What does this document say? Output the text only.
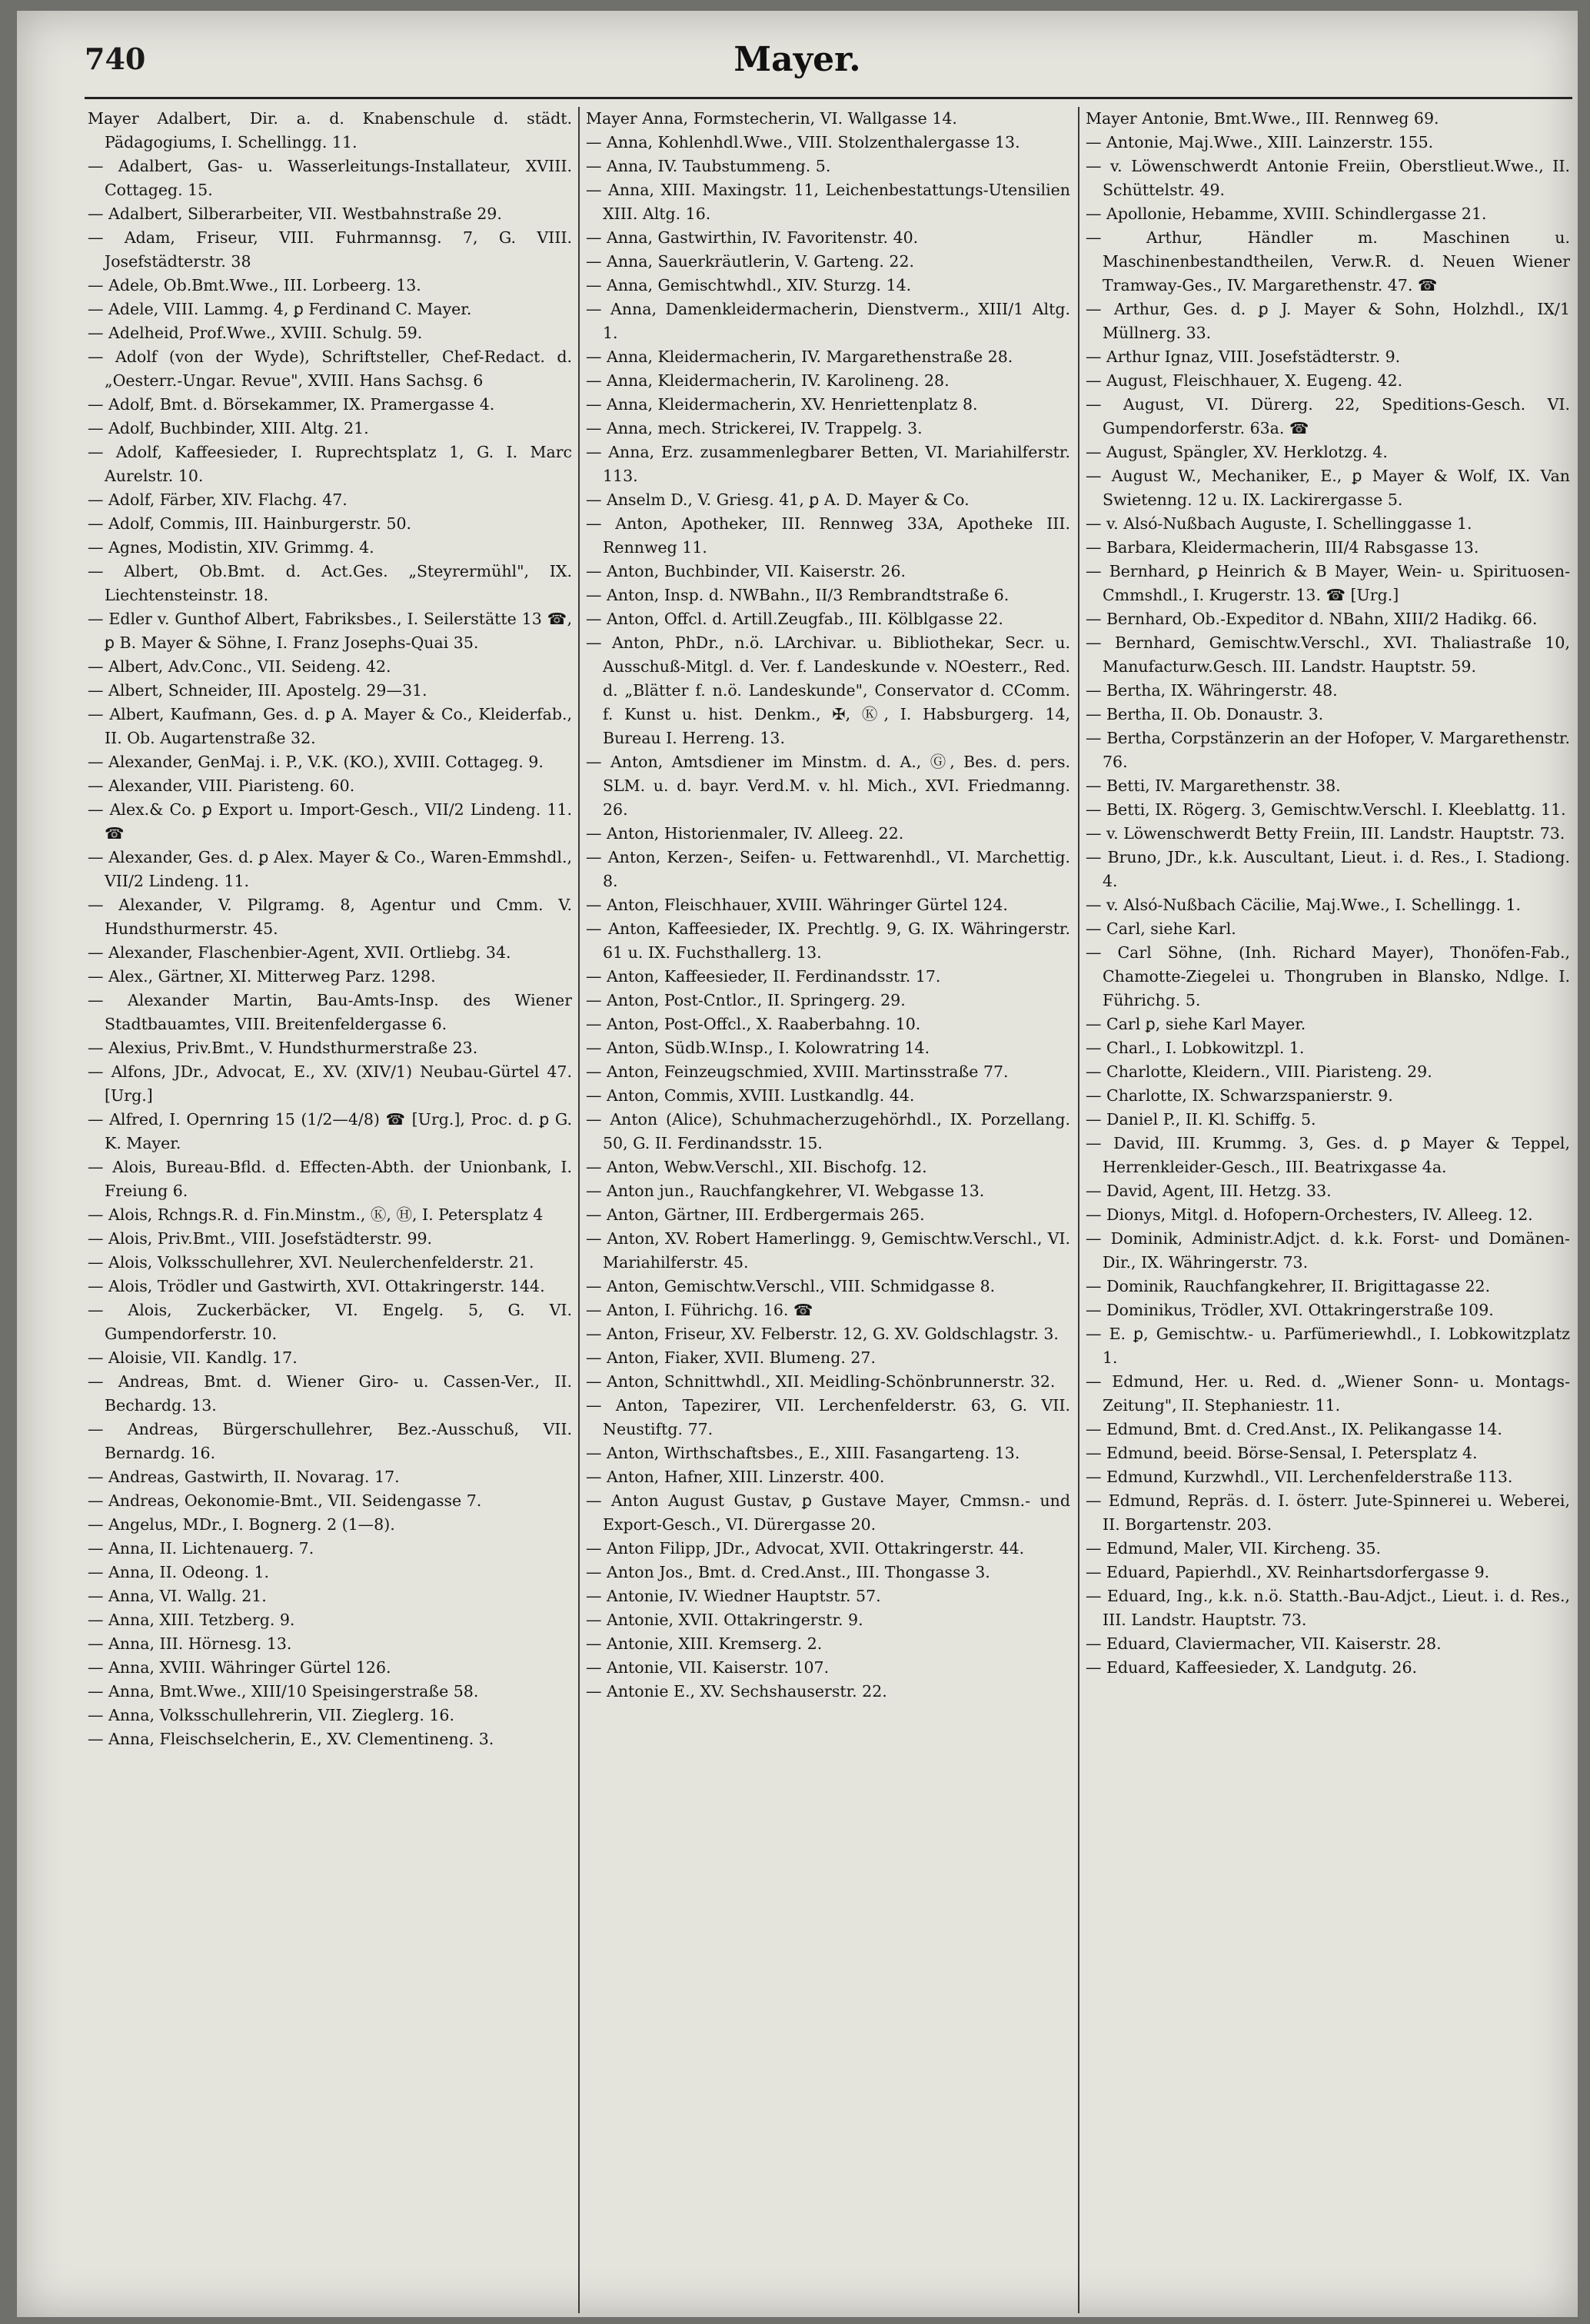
740	Mayer.

Mayer Adalbert, Dir. a. d. Knabenschule d. städt. Pädagogiums, I. Schellingg. 11.

— Adalbert, Gas- u. Wasserleitungs-Installateur, XVIII. Cottageg. 15.

— Adalbert, Silberarbeiter, VII. Westbahnstraße 29.

— Adam, Friseur, VIII. Fuhrmannsg. 7, G. VIII. Josefstädterstr. 38

— Adele, Ob.Bmt.Wwe., III. Lorbeerg. 13.

— Adele, VIII. Lammg. 4, ꝑ Ferdinand C. Mayer.

— Adelheid, Prof.Wwe., XVIII. Schulg. 59.

— Adolf (von der Wyde), Schriftsteller, Chef-Redact. d. „Oesterr.-Ungar. Revue", XVIII. Hans Sachsg. 6

— Adolf, Bmt. d. Börsekammer, IX. Pramergasse 4.

— Adolf, Buchbinder, XIII. Altg. 21.

— Adolf, Kaffeesieder, I. Ruprechtsplatz 1, G. I. Marc Aurelstr. 10.

— Adolf, Färber, XIV. Flachg. 47.

— Adolf, Commis, III. Hainburgerstr. 50.

— Agnes, Modistin, XIV. Grimmg. 4.

— Albert, Ob.Bmt. d. Act.Ges. „Steyrermühl", IX. Liechtensteinstr. 18.

— Edler v. Gunthof Albert, Fabriksbes., I. Seilerstätte 13 ☎, ꝑ B. Mayer & Söhne, I. Franz Josephs-Quai 35.

— Albert, Adv.Conc., VII. Seideng. 42.

— Albert, Schneider, III. Apostelg. 29—31.

— Albert, Kaufmann, Ges. d. ꝑ A. Mayer & Co., Kleiderfab., II. Ob. Augartenstraße 32.

— Alexander, GenMaj. i. P., V.K. (KO.), XVIII. Cottageg. 9.

— Alexander, VIII. Piaristeng. 60.

— Alex.& Co. ꝑ Export u. Import-Gesch., VII/2 Lindeng. 11. ☎

— Alexander, Ges. d. ꝑ Alex. Mayer & Co., Waren-Emmshdl., VII/2 Lindeng. 11.

— Alexander, V. Pilgramg. 8, Agentur und Cmm. V. Hundsthurmerstr. 45.

— Alexander, Flaschenbier-Agent, XVII. Ortliebg. 34.

— Alex., Gärtner, XI. Mitterweg Parz. 1298.

— Alexander Martin, Bau-Amts-Insp. des Wiener Stadtbauamtes, VIII. Breitenfeldergasse 6.

— Alexius, Priv.Bmt., V. Hundsthurmerstraße 23.

— Alfons, JDr., Advocat, E., XV. (XIV/1) Neubau-Gürtel 47. [Urg.]

— Alfred, I. Opernring 15 (1/2—4/8) ☎ [Urg.], Proc. d. ꝑ G. K. Mayer.

— Alois, Bureau-Bfld. d. Effecten-Abth. der Unionbank, I. Freiung 6.

— Alois, Rchngs.R. d. Fin.Minstm., Ⓚ, Ⓗ, I. Petersplatz 4

— Alois, Priv.Bmt., VIII. Josefstädterstr. 99.

— Alois, Volksschullehrer, XVI. Neulerchenfelderstr. 21.

— Alois, Trödler und Gastwirth, XVI. Ottakringerstr. 144.

— Alois, Zuckerbäcker, VI. Engelg. 5, G. VI. Gumpendorferstr. 10.

— Aloisie, VII. Kandlg. 17.

— Andreas, Bmt. d. Wiener Giro- u. Cassen-Ver., II. Bechardg. 13.

— Andreas, Bürgerschullehrer, Bez.-Ausschuß, VII. Bernardg. 16.

— Andreas, Gastwirth, II. Novarag. 17.

— Andreas, Oekonomie-Bmt., VII. Seidengasse 7.

— Angelus, MDr., I. Bognerg. 2 (1—8).

— Anna, II. Lichtenauerg. 7.

— Anna, II. Odeong. 1.

— Anna, VI. Wallg. 21.

— Anna, XIII. Tetzberg. 9.

— Anna, III. Hörnesg. 13.

— Anna, XVIII. Währinger Gürtel 126.

— Anna, Bmt.Wwe., XIII/10 Speisingerstraße 58.

— Anna, Volksschullehrerin, VII. Zieglerg. 16.

— Anna, Fleischselcherin, E., XV. Clementineng. 3.

Mayer Anna, Formstecherin, VI. Wallgasse 14.

— Anna, Kohlenhdl.Wwe., VIII. Stolzenthalergasse 13.

— Anna, IV. Taubstummeng. 5.

— Anna, XIII. Maxingstr. 11, Leichenbestattungs-Utensilien XIII. Altg. 16.

— Anna, Gastwirthin, IV. Favoritenstr. 40.

— Anna, Sauerkräutlerin, V. Garteng. 22.

— Anna, Gemischtwhdl., XIV. Sturzg. 14.

— Anna, Damenkleidermacherin, Dienstverm., XIII/1 Altg. 1.

— Anna, Kleidermacherin, IV. Margarethenstraße 28.

— Anna, Kleidermacherin, IV. Karolineng. 28.

— Anna, Kleidermacherin, XV. Henriettenplatz 8.

— Anna, mech. Strickerei, IV. Trappelg. 3.

— Anna, Erz. zusammenlegbarer Betten, VI. Mariahilferstr. 113.

— Anselm D., V. Griesg. 41, ꝑ A. D. Mayer & Co.

— Anton, Apotheker, III. Rennweg 33A, Apotheke III. Rennweg 11.

— Anton, Buchbinder, VII. Kaiserstr. 26.

— Anton, Insp. d. NWBahn., II/3 Rembrandtstraße 6.

— Anton, Offcl. d. Artill.Zeugfab., III. Kölblgasse 22.

— Anton, PhDr., n.ö. LArchivar. u. Bibliothekar, Secr. u. Ausschuß-Mitgl. d. Ver. f. Landeskunde v. NOesterr., Red. d. „Blätter f. n.ö. Landeskunde", Conservator d. CComm. f. Kunst u. hist. Denkm., ✠, Ⓚ, I. Habsburgerg. 14, Bureau I. Herreng. 13.

— Anton, Amtsdiener im Minstm. d. A., Ⓖ, Bes. d. pers. SLM. u. d. bayr. Verd.M. v. hl. Mich., XVI. Friedmanng. 26.

— Anton, Historienmaler, IV. Alleeg. 22.

— Anton, Kerzen-, Seifen- u. Fettwarenhdl., VI. Marchettig. 8.

— Anton, Fleischhauer, XVIII. Währinger Gürtel 124.

— Anton, Kaffeesieder, IX. Prechtlg. 9, G. IX. Währingerstr. 61 u. IX. Fuchsthallerg. 13.

— Anton, Kaffeesieder, II. Ferdinandsstr. 17.

— Anton, Post-Cntlor., II. Springerg. 29.

— Anton, Post-Offcl., X. Raaberbahng. 10.

— Anton, Südb.W.Insp., I. Kolowratring 14.

— Anton, Feinzeugschmied, XVIII. Martinsstraße 77.

— Anton, Commis, XVIII. Lustkandlg. 44.

— Anton (Alice), Schuhmacherzugehörhdl., IX. Porzellang. 50, G. II. Ferdinandsstr. 15.

— Anton, Webw.Verschl., XII. Bischofg. 12.

— Anton jun., Rauchfangkehrer, VI. Webgasse 13.

— Anton, Gärtner, III. Erdbergermais 265.

— Anton, XV. Robert Hamerlingg. 9, Gemischtw.Verschl., VI. Mariahilferstr. 45.

— Anton, Gemischtw.Verschl., VIII. Schmidgasse 8.

— Anton, I. Führichg. 16. ☎

— Anton, Friseur, XV. Felberstr. 12, G. XV. Goldschlagstr. 3.

— Anton, Fiaker, XVII. Blumeng. 27.

— Anton, Schnittwhdl., XII. Meidling-Schönbrunnerstr. 32.

— Anton, Tapezirer, VII. Lerchenfelderstr. 63, G. VII. Neustiftg. 77.

— Anton, Wirthschaftsbes., E., XIII. Fasangarteng. 13.

— Anton, Hafner, XIII. Linzerstr. 400.

— Anton August Gustav, ꝑ Gustave Mayer, Cmmsn.- und Export-Gesch., VI. Dürergasse 20.

— Anton Filipp, JDr., Advocat, XVII. Ottakringerstr. 44.

— Anton Jos., Bmt. d. Cred.Anst., III. Thongasse 3.

— Antonie, IV. Wiedner Hauptstr. 57.

— Antonie, XVII. Ottakringerstr. 9.

— Antonie, XIII. Kremserg. 2.

— Antonie, VII. Kaiserstr. 107.

— Antonie E., XV. Sechshauserstr. 22.

Mayer Antonie, Bmt.Wwe., III. Rennweg 69.

— Antonie, Maj.Wwe., XIII. Lainzerstr. 155.

— v. Löwenschwerdt Antonie Freiin, Oberstlieut.Wwe., II. Schüttelstr. 49.

— Apollonie, Hebamme, XVIII. Schindlergasse 21.

— Arthur, Händler m. Maschinen u. Maschinenbestandtheilen, Verw.R. d. Neuen Wiener Tramway-Ges., IV. Margarethenstr. 47. ☎

— Arthur, Ges. d. ꝑ J. Mayer & Sohn, Holzhdl., IX/1 Müllnerg. 33.

— Arthur Ignaz, VIII. Josefstädterstr. 9.

— August, Fleischhauer, X. Eugeng. 42.

— August, VI. Dürerg. 22, Speditions-Gesch. VI. Gumpendorferstr. 63a. ☎

— August, Spängler, XV. Herklotzg. 4.

— August W., Mechaniker, E., ꝑ Mayer & Wolf, IX. Van Swietenng. 12 u. IX. Lackirergasse 5.

— v. Alsó-Nußbach Auguste, I. Schellinggasse 1.

— Barbara, Kleidermacherin, III/4 Rabsgasse 13.

— Bernhard, ꝑ Heinrich & B Mayer, Wein- u. Spirituosen-Cmmshdl., I. Krugerstr. 13. ☎ [Urg.]

— Bernhard, Ob.-Expeditor d. NBahn, XIII/2 Hadikg. 66.

— Bernhard, Gemischtw.Verschl., XVI. Thaliastraße 10, Manufacturw.Gesch. III. Landstr. Hauptstr. 59.

— Bertha, IX. Währingerstr. 48.

— Bertha, II. Ob. Donaustr. 3.

— Bertha, Corpstänzerin an der Hofoper, V. Margarethenstr. 76.

— Betti, IV. Margarethenstr. 38.

— Betti, IX. Rögerg. 3, Gemischtw.Verschl. I. Kleeblattg. 11.

— v. Löwenschwerdt Betty Freiin, III. Landstr. Hauptstr. 73.

— Bruno, JDr., k.k. Auscultant, Lieut. i. d. Res., I. Stadiong. 4.

— v. Alsó-Nußbach Cäcilie, Maj.Wwe., I. Schellingg. 1.

— Carl, siehe Karl.

— Carl Söhne, (Inh. Richard Mayer), Thonöfen-Fab., Chamotte-Ziegelei u. Thongruben in Blansko, Ndlge. I. Führichg. 5.

— Carl ꝑ, siehe Karl Mayer.

— Charl., I. Lobkowitzpl. 1.

— Charlotte, Kleidern., VIII. Piaristeng. 29.

— Charlotte, IX. Schwarzspanierstr. 9.

— Daniel P., II. Kl. Schiffg. 5.

— David, III. Krummg. 3, Ges. d. ꝑ Mayer & Teppel, Herrenkleider-Gesch., III. Beatrixgasse 4a.

— David, Agent, III. Hetzg. 33.

— Dionys, Mitgl. d. Hofopern-Orchesters, IV. Alleeg. 12.

— Dominik, Administr.Adjct. d. k.k. Forst- und Domänen-Dir., IX. Währingerstr. 73.

— Dominik, Rauchfangkehrer, II. Brigittagasse 22.

— Dominikus, Trödler, XVI. Ottakringerstraße 109.

— E. ꝑ, Gemischtw.- u. Parfümeriewhdl., I. Lobkowitzplatz 1.

— Edmund, Her. u. Red. d. „Wiener Sonn- u. Montags-Zeitung", II. Stephaniestr. 11.

— Edmund, Bmt. d. Cred.Anst., IX. Pelikangasse 14.

— Edmund, beeid. Börse-Sensal, I. Petersplatz 4.

— Edmund, Kurzwhdl., VII. Lerchenfelderstraße 113.

— Edmund, Repräs. d. I. österr. Jute-Spinnerei u. Weberei, II. Borgartenstr. 203.

— Edmund, Maler, VII. Kircheng. 35.

— Eduard, Papierhdl., XV. Reinhartsdorfergasse 9.

— Eduard, Ing., k.k. n.ö. Statth.-Bau-Adjct., Lieut. i. d. Res., III. Landstr. Hauptstr. 73.

— Eduard, Claviermacher, VII. Kaiserstr. 28.

— Eduard, Kaffeesieder, X. Landgutg. 26.
